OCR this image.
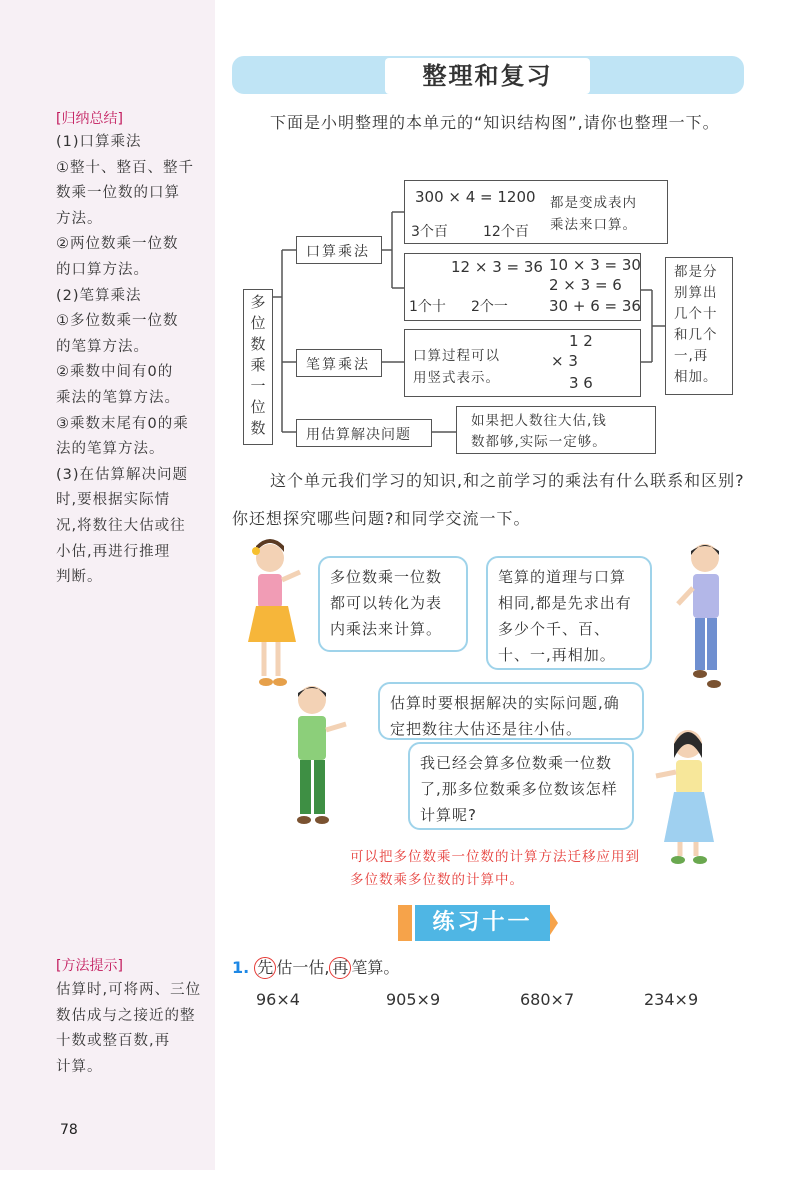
[归纳总结]
(1)口算乘法
①整十、整百、整千
数乘一位数的口算
方法。
②两位数乘一位数
的口算方法。
(2)笔算乘法
①多位数乘一位数
的笔算方法。
②乘数中间有0的
乘法的笔算方法。
③乘数末尾有0的乘
法的笔算方法。
(3)在估算解决问题
时,要根据实际情
况,将数往大估或往
小估,再进行推理
判断。
[方法提示]
估算时,可将两、三位
数估成与之接近的整
十数或整百数,再
计算。
78
整理和复习
下面是小明整理的本单元的“知识结构图”,请你也整理一下。
多
位
数
乘
一
位
数
口算乘法
笔算乘法
用估算解决问题
300 × 4 = 1200
3个百	12个百
都是变成表内
乘法来口算。
12 × 3 = 36
1个十 2个一
10 × 3 = 30
2 × 3 = 6
30 + 6 = 36
都是分
别算出
几个十
和几个
一,再
相加。
口算过程可以
用竖式表示。
1 2
× 3
3 6
如果把人数往大估,钱
数都够,实际一定够。
这个单元我们学习的知识,和之前学习的乘法有什么联系和区别?你还想探究哪些问题?和同学交流一下。
多位数乘一位数都可以转化为表内乘法来计算。
笔算的道理与口算相同,都是先求出有多少个千、百、十、一,再相加。
估算时要根据解决的实际问题,确定把数往大估还是往小估。
我已经会算多位数乘一位数了,那多位数乘多位数该怎样计算呢?
可以把多位数乘一位数的计算方法迁移应用到多位数乘多位数的计算中。
练习十一
1. 先 估一估, 再 笔算。
96×4	905×9	680×7	234×9
